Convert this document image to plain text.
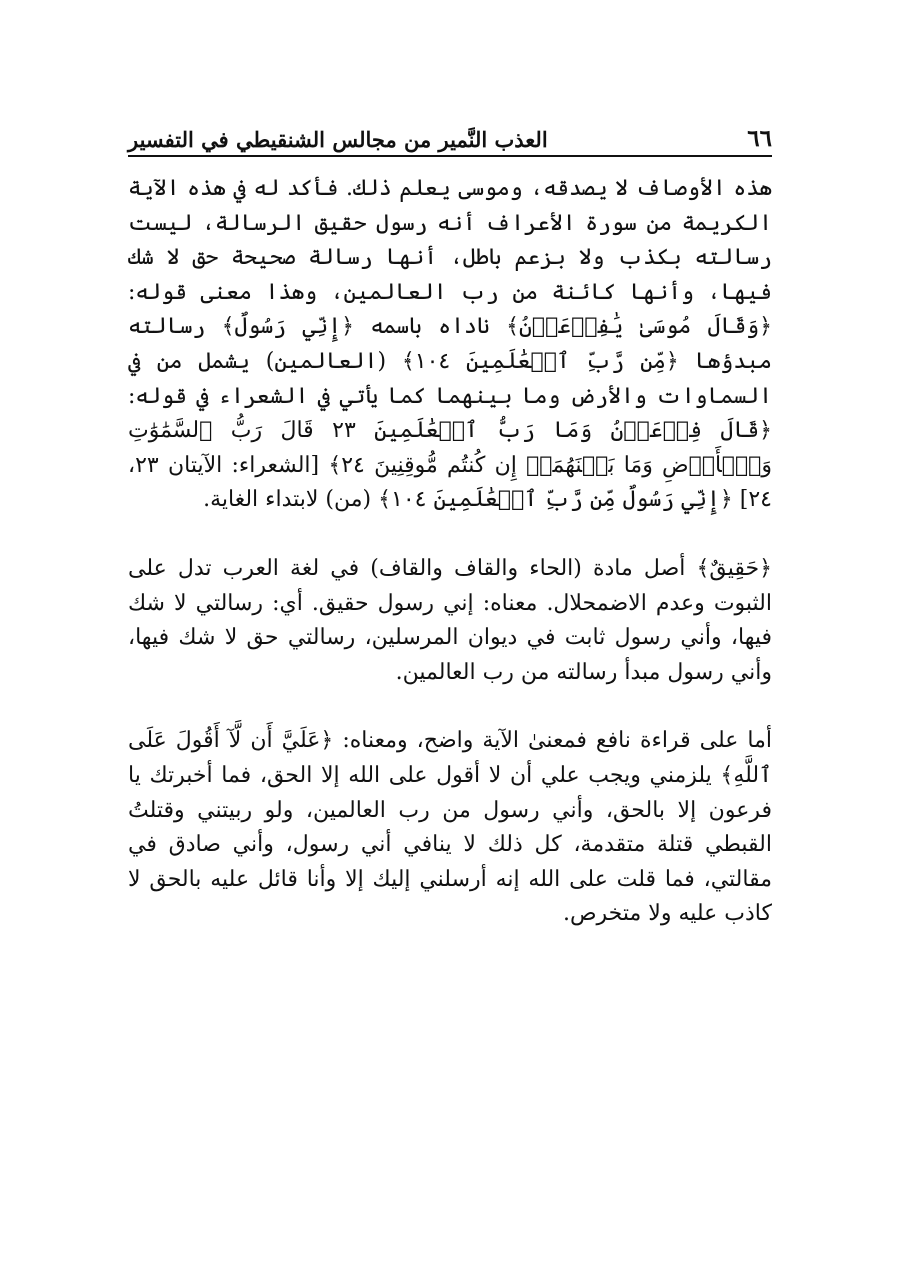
٦٦
العذب النَّمير من مجالس الشنقيطي في التفسير

هذه الأوصاف لا يصدقه، وموسى يعلم ذلك. فأكد له في هذه الآية الكريمة من سورة الأعراف أنه رسول حقيق الرسالة، ليست رسالته بكذب ولا بزعم باطل، أنها رسالة صحيحة حق لا شك فيها، وأنها كائنة من رب العالمين، وهذا معنى قوله: ﴿وَقَالَ مُوسَىٰ يَٰفِرۡعَوۡنُ﴾ ناداه باسمه ﴿إِنِّي رَسُولٌ﴾ رسالته مبدؤها ﴿مِّن رَّبِّ ٱلۡعَٰلَمِينَ ١٠٤﴾ (العالمين) يشمل من في السماوات والأرض وما بينهما كما يأتي في الشعراء في قوله: ﴿قَالَ فِرۡعَوۡنُ وَمَا رَبُّ ٱلۡعَٰلَمِينَ ٢٣ قَالَ رَبُّ ٱلسَّمَٰوَٰتِ وَٱلۡأَرۡضِ وَمَا بَيۡنَهُمَآۖ إِن كُنتُم مُّوقِنِينَ ٢٤﴾ [الشعراء: الآيتان ٢٣، ٢٤] ﴿إِنِّي رَسُولٌ مِّن رَّبِّ ٱلۡعَٰلَمِينَ ١٠٤﴾ (من) لابتداء الغاية.

﴿حَقِيقٌ﴾ أصل مادة (الحاء والقاف والقاف) في لغة العرب تدل على الثبوت وعدم الاضمحلال. معناه: إني رسول حقيق. أي: رسالتي لا شك فيها، وأني رسول ثابت في ديوان المرسلين، رسالتي حق لا شك فيها، وأني رسول مبدأ رسالته من رب العالمين.

أما على قراءة نافع فمعنىٰ الآية واضح، ومعناه: ﴿عَلَيَّ أَن لَّآ أَقُولَ عَلَى ٱللَّهِ﴾ يلزمني ويجب علي أن لا أقول على الله إلا الحق، فما أخبرتك يا فرعون إلا بالحق، وأني رسول من رب العالمين، ولو ربيتني وقتلتُ القبطي قتلة متقدمة، كل ذلك لا ينافي أني رسول، وأني صادق في مقالتي، فما قلت على الله إنه أرسلني إليك إلا وأنا قائل عليه بالحق لا كاذب عليه ولا متخرص.
